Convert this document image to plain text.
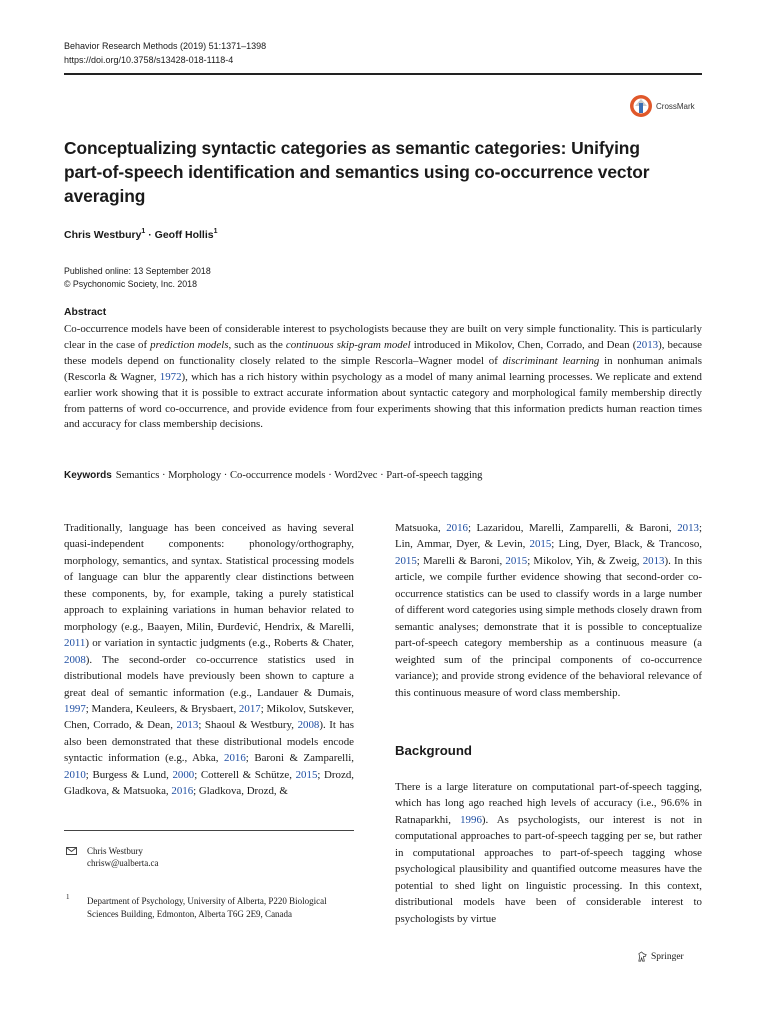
Behavior Research Methods (2019) 51:1371–1398
https://doi.org/10.3758/s13428-018-1118-4
CrossMark
Conceptualizing syntactic categories as semantic categories: Unifying part-of-speech identification and semantics using co-occurrence vector averaging
Chris Westbury$^1$ · Geoff Hollis$^1$
Published online: 13 September 2018
© Psychonomic Society, Inc. 2018
Abstract

Co-occurrence models have been of considerable interest to psychologists because they are built on very simple functionality. This is particularly clear in the case of prediction models, such as the continuous skip-gram model introduced in Mikolov, Chen, Corrado, and Dean (2013), because these models depend on functionality closely related to the simple Rescorla–Wagner model of discriminant learning in nonhuman animals (Rescorla & Wagner, 1972), which has a rich history within psychology as a model of many animal learning processes. We replicate and extend earlier work showing that it is possible to extract accurate information about syntactic category and morphological family membership directly from patterns of word co-occurrence, and provide evidence from four experiments showing that this information predicts human reaction times and accuracy for class membership decisions.

Keywords Semantics · Morphology · Co-occurrence models · Word2vec · Part-of-speech tagging

Traditionally, language has been conceived as having several quasi-independent components: phonology/orthography, morphology, semantics, and syntax. Statistical processing models of language can blur the apparently clear distinctions between these components, by, for example, taking a purely statistical approach to explaining variations in human behavior related to morphology (e.g., Baayen, Milin, Đurđević, Hendrix, & Marelli, 2011) or variation in syntactic judgments (e.g., Roberts & Chater, 2008). The second-order co-occurrence statistics used in distributional models have previously been shown to capture a great deal of semantic information (e.g., Landauer & Dumais, 1997; Mandera, Keuleers, & Brysbaert, 2017; Mikolov, Sutskever, Chen, Corrado, & Dean, 2013; Shaoul & Westbury, 2008). It has also been demonstrated that these distributional models encode syntactic information (e.g., Abka, 2016; Baroni & Zamparelli, 2010; Burgess & Lund, 2000; Cotterell & Schütze, 2015; Drozd, Gladkova, & Matsuoka, 2016; Gladkova, Drozd, &

Matsuoka, 2016; Lazaridou, Marelli, Zamparelli, & Baroni, 2013; Lin, Ammar, Dyer, & Levin, 2015; Ling, Dyer, Black, & Trancoso, 2015; Marelli & Baroni, 2015; Mikolov, Yih, & Zweig, 2013). In this article, we compile further evidence showing that second-order co-occurrence statistics can be used to classify words in a large number of different word categories using simple methods closely drawn from semantic analyses; demonstrate that it is possible to conceptualize part-of-speech category membership as a continuous measure (a weighted sum of the principal components of co-occurrence variance); and provide strong evidence of the behavioral relevance of this continuous measure of word class membership.

Background

There is a large literature on computational part-of-speech tagging, which has long ago reached high levels of accuracy (i.e., 96.6% in Ratnaparkhi, 1996). As psychologists, our interest is not in computational approaches to part-of-speech tagging per se, but rather in computational approaches to part-of-speech tagging whose psychological plausibility and quantified outcome measures have the potential to shed light on linguistic processing. In this context, distributional models have been of considerable interest to psychologists by virtue

Chris Westbury
chrisw@ualberta.ca
1 Department of Psychology, University of Alberta, P220 Biological Sciences Building, Edmonton, Alberta T6G 2E9, Canada

Springer
